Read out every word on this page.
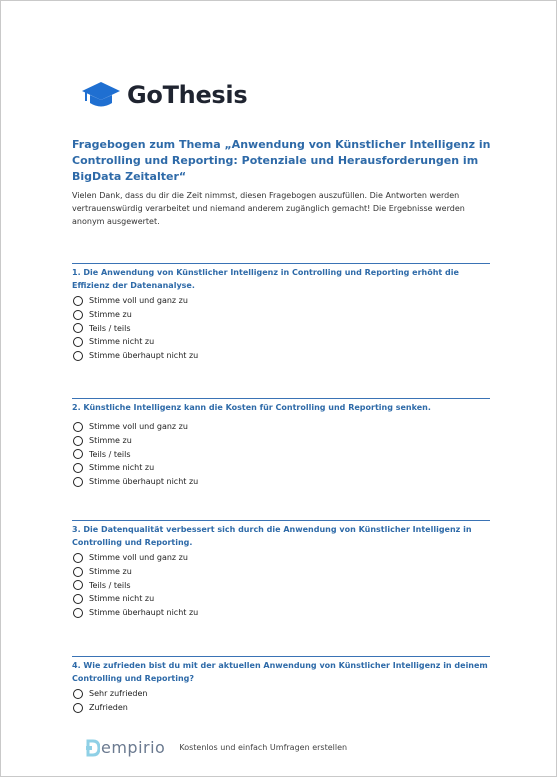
GoThesis
Fragebogen zum Thema „Anwendung von Künstlicher Intelligenz in Controlling und Reporting: Potenziale und Herausforderungen im BigData Zeitalter“
Vielen Dank, dass du dir die Zeit nimmst, diesen Fragebogen auszufüllen. Die Antworten werden vertrauenswürdig verarbeitet und niemand anderem zugänglich gemacht! Die Ergebnisse werden anonym ausgewertet.
1. Die Anwendung von Künstlicher Intelligenz in Controlling und Reporting erhöht die Effizienz der Datenanalyse.
Stimme voll und ganz zu
Stimme zu
Teils / teils
Stimme nicht zu
Stimme überhaupt nicht zu
2. Künstliche Intelligenz kann die Kosten für Controlling und Reporting senken.
Stimme voll und ganz zu
Stimme zu
Teils / teils
Stimme nicht zu
Stimme überhaupt nicht zu
3. Die Datenqualität verbessert sich durch die Anwendung von Künstlicher Intelligenz in Controlling und Reporting.
Stimme voll und ganz zu
Stimme zu
Teils / teils
Stimme nicht zu
Stimme überhaupt nicht zu
4. Wie zufrieden bist du mit der aktuellen Anwendung von Künstlicher Intelligenz in deinem Controlling und Reporting?
Sehr zufrieden
Zufrieden
empirio Kostenlos und einfach Umfragen erstellen
